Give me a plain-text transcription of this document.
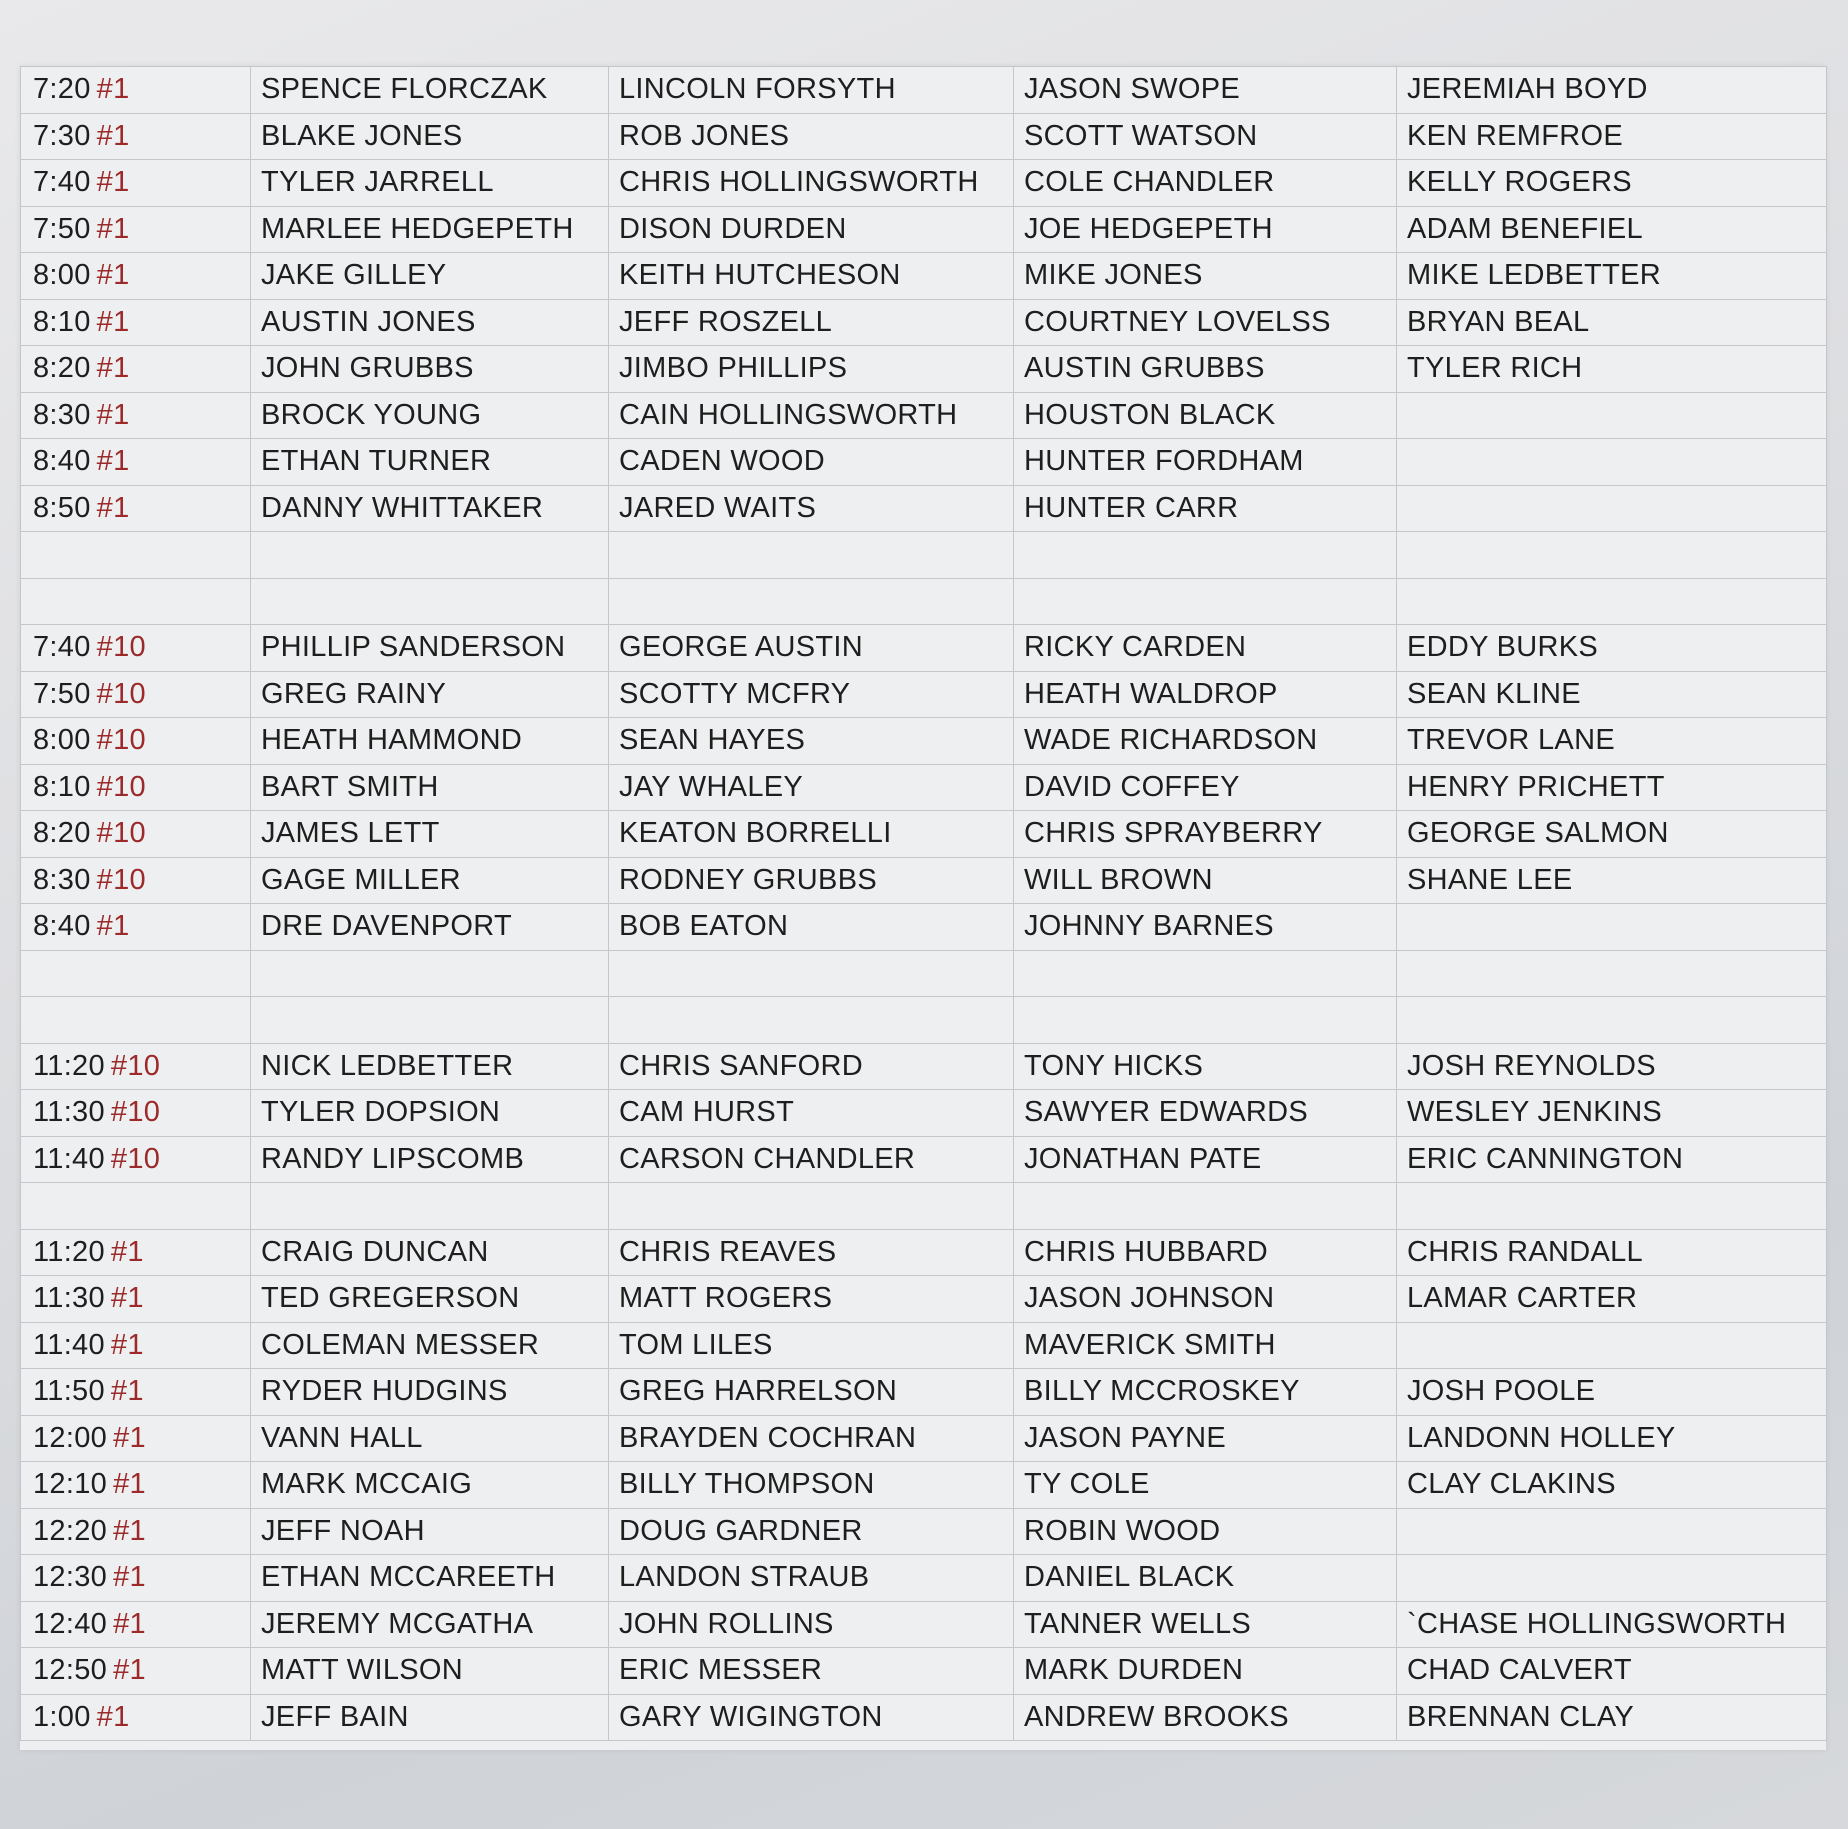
7:20 #1	SPENCE FLORCZAK	LINCOLN FORSYTH	JASON SWOPE	JEREMIAH BOYD
7:30 #1	BLAKE JONES	ROB JONES	SCOTT WATSON	KEN REMFROE
7:40 #1	TYLER JARRELL	CHRIS HOLLINGSWORTH	COLE CHANDLER	KELLY ROGERS
7:50 #1	MARLEE HEDGEPETH	DISON DURDEN	JOE HEDGEPETH	ADAM BENEFIEL
8:00 #1	JAKE GILLEY	KEITH HUTCHESON	MIKE JONES	MIKE LEDBETTER
8:10 #1	AUSTIN JONES	JEFF ROSZELL	COURTNEY LOVELSS	BRYAN BEAL
8:20 #1	JOHN GRUBBS	JIMBO PHILLIPS	AUSTIN GRUBBS	TYLER RICH
8:30 #1	BROCK YOUNG	CAIN HOLLINGSWORTH	HOUSTON BLACK	
8:40 #1	ETHAN TURNER	CADEN WOOD	HUNTER FORDHAM	
8:50 #1	DANNY WHITTAKER	JARED WAITS	HUNTER CARR	

7:40 #10	PHILLIP SANDERSON	GEORGE AUSTIN	RICKY CARDEN	EDDY BURKS
7:50 #10	GREG RAINY	SCOTTY MCFRY	HEATH WALDROP	SEAN KLINE
8:00 #10	HEATH HAMMOND	SEAN HAYES	WADE RICHARDSON	TREVOR LANE
8:10 #10	BART SMITH	JAY WHALEY	DAVID COFFEY	HENRY PRICHETT
8:20 #10	JAMES LETT	KEATON BORRELLI	CHRIS SPRAYBERRY	GEORGE SALMON
8:30 #10	GAGE MILLER	RODNEY GRUBBS	WILL BROWN	SHANE LEE
8:40 #1	DRE DAVENPORT	BOB EATON	JOHNNY BARNES	

11:20 #10	NICK LEDBETTER	CHRIS SANFORD	TONY HICKS	JOSH REYNOLDS
11:30 #10	TYLER DOPSION	CAM HURST	SAWYER EDWARDS	WESLEY JENKINS
11:40 #10	RANDY LIPSCOMB	CARSON CHANDLER	JONATHAN PATE	ERIC CANNINGTON

11:20 #1	CRAIG DUNCAN	CHRIS REAVES	CHRIS HUBBARD	CHRIS RANDALL
11:30 #1	TED GREGERSON	MATT ROGERS	JASON JOHNSON	LAMAR CARTER
11:40 #1	COLEMAN MESSER	TOM LILES	MAVERICK SMITH	
11:50 #1	RYDER HUDGINS	GREG HARRELSON	BILLY MCCROSKEY	JOSH POOLE
12:00 #1	VANN HALL	BRAYDEN COCHRAN	JASON PAYNE	LANDONN HOLLEY
12:10 #1	MARK MCCAIG	BILLY THOMPSON	TY COLE	CLAY CLAKINS
12:20 #1	JEFF NOAH	DOUG GARDNER	ROBIN WOOD	
12:30 #1	ETHAN MCCAREETH	LANDON STRAUB	DANIEL BLACK	
12:40 #1	JEREMY MCGATHA	JOHN ROLLINS	TANNER WELLS	`CHASE HOLLINGSWORTH
12:50 #1	MATT WILSON	ERIC MESSER	MARK DURDEN	CHAD CALVERT
1:00 #1	JEFF BAIN	GARY WIGINGTON	ANDREW BROOKS	BRENNAN CLAY
